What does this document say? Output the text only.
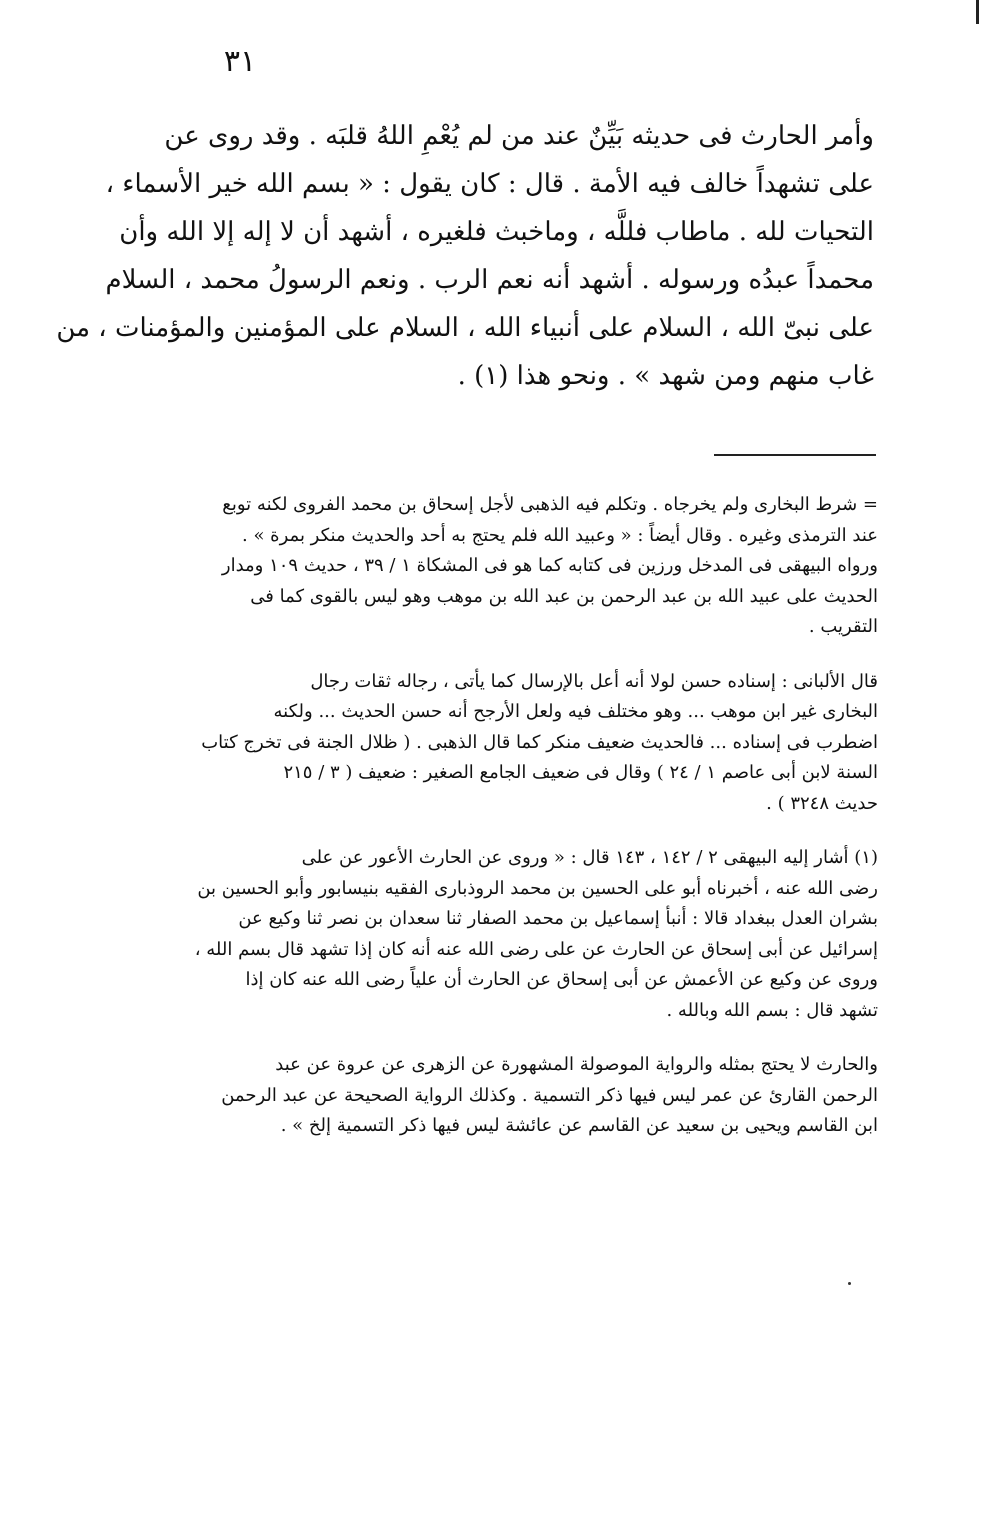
٣١
وأمر الحارث فى حديثه بَيِّنٌ عند من لم يُعْمِ اللهُ قلبَه . وقد روى عن
على تشهداً خالف فيه الأمة . قال : كان يقول : « بسم الله خير الأسماء ،
التحيات لله . ماطاب فللَّه ، وماخبث فلغيره ، أشهد أن لا إله إلا الله وأن
محمداً عبدُه ورسوله . أشهد أنه نعم الرب . ونعم الرسولُ محمد ، السلام
على نبىّ الله ، السلام على أنبياء الله ، السلام على المؤمنين والمؤمنات ، من
غاب منهم ومن شهد » . ونحو هذا (١) .
= شرط البخارى ولم يخرجاه . وتكلم فيه الذهبى لأجل إسحاق بن محمد الفروى لكنه توبع
عند الترمذى وغيره . وقال أيضاً : « وعبيد الله فلم يحتج به أحد والحديث منكر بمرة » .
ورواه البيهقى فى المدخل ورزين فى كتابه كما هو فى المشكاة ١ / ٣٩ ، حديث ١٠٩ ومدار
الحديث على عبيد الله بن عبد الرحمن بن عبد الله بن موهب وهو ليس بالقوى كما فى
التقريب .
قال الألبانى : إسناده حسن لولا أنه أعل بالإرسال كما يأتى ، رجاله ثقات رجال
البخارى غير ابن موهب ... وهو مختلف فيه ولعل الأرجح أنه حسن الحديث ... ولكنه
اضطرب فى إسناده ... فالحديث ضعيف منكر كما قال الذهبى . ( ظلال الجنة فى تخرج كتاب
السنة لابن أبى عاصم ١ / ٢٤ ) وقال فى ضعيف الجامع الصغير : ضعيف ( ٣ / ٢١٥
حديث ٣٢٤٨ ) .
(١) أشار إليه البيهقى ٢ / ١٤٢ ، ١٤٣ قال : « وروى عن الحارث الأعور عن على
رضى الله عنه ، أخبرناه أبو على الحسين بن محمد الروذبارى الفقيه بنيسابور وأبو الحسين بن
بشران العدل ببغداد قالا : أنبأ إسماعيل بن محمد الصفار ثنا سعدان بن نصر ثنا وكيع عن
إسرائيل عن أبى إسحاق عن الحارث عن على رضى الله عنه أنه كان إذا تشهد قال بسم الله ،
وروى عن وكيع عن الأعمش عن أبى إسحاق عن الحارث أن علياً رضى الله عنه كان إذا
تشهد قال : بسم الله وبالله .
والحارث لا يحتج بمثله والرواية الموصولة المشهورة عن الزهرى عن عروة عن عبد
الرحمن القارئ عن عمر ليس فيها ذكر التسمية . وكذلك الرواية الصحيحة عن عبد الرحمن
ابن القاسم ويحيى بن سعيد عن القاسم عن عائشة ليس فيها ذكر التسمية إلخ » .
